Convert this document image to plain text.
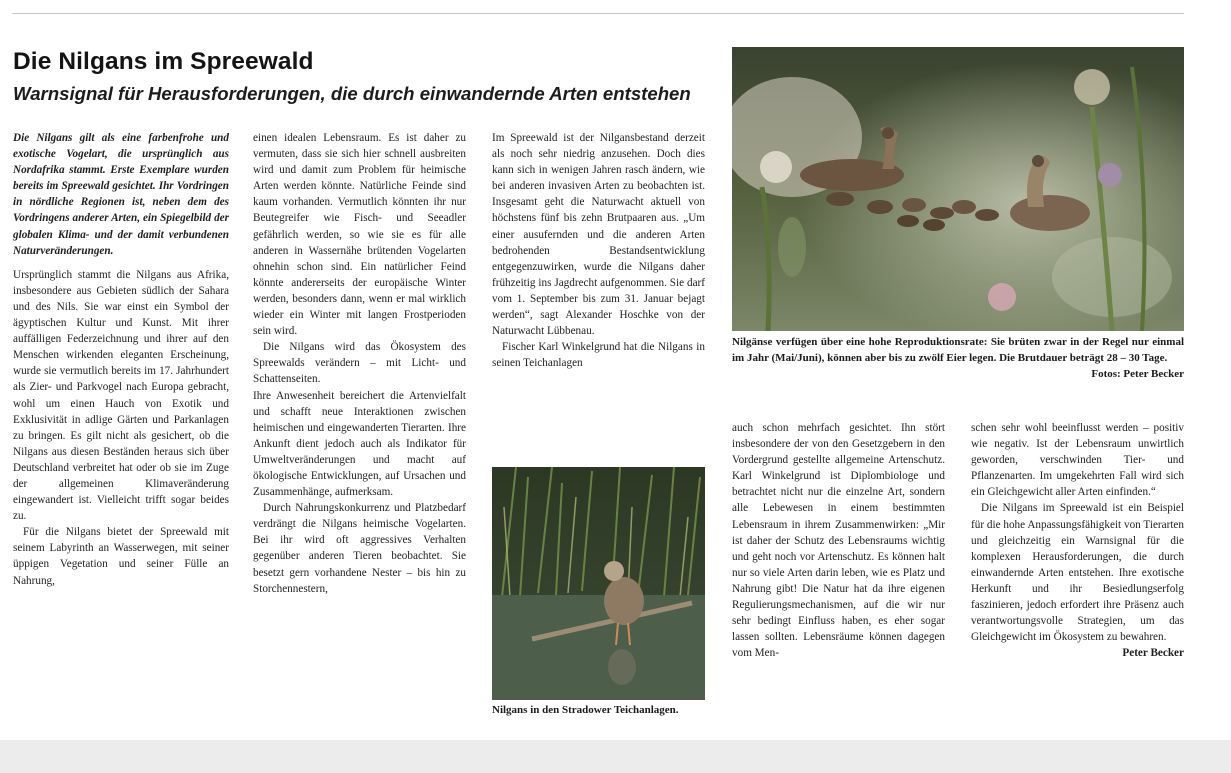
Die Nilgans im Spreewald
Warnsignal für Herausforderungen, die durch einwandernde Arten entstehen

Die Nilgans gilt als eine farbenfrohe und exotische Vogelart, die ursprünglich aus Nordafrika stammt. Erste Exemplare wurden bereits im Spreewald gesichtet. Ihr Vordringen in nördliche Regionen ist, neben dem des Vordringens anderer Arten, ein Spiegelbild der globalen Klima- und der damit verbundenen Naturveränderungen.

Ursprünglich stammt die Nilgans aus Afrika, insbesondere aus Gebieten südlich der Sahara und des Nils. Sie war einst ein Symbol der ägyptischen Kultur und Kunst. Mit ihrer auffälligen Federzeichnung und ihrer auf den Menschen wirkenden eleganten Erscheinung, wurde sie vermutlich bereits im 17. Jahrhundert als Zier- und Parkvogel nach Europa gebracht, wohl um einen Hauch von Exotik und Exklusivität in adlige Gärten und Parkanlagen zu bringen. Es gilt nicht als gesichert, ob die Nilgans aus diesen Beständen heraus sich über Deutschland verbreitet hat oder ob sie im Zuge der allgemeinen Klimaveränderung eingewandert ist. Vielleicht trifft sogar beides zu.

Für die Nilgans bietet der Spreewald mit seinem Labyrinth an Wasserwegen, mit seiner üppigen Vegetation und seiner Fülle an Nahrung,

einen idealen Lebensraum. Es ist daher zu vermuten, dass sie sich hier schnell ausbreiten wird und damit zum Problem für heimische Arten werden könnte. Natürliche Feinde sind kaum vorhanden. Vermutlich könnten ihr nur Beutegreifer wie Fisch- und Seeadler gefährlich werden, so wie sie es für alle anderen in Wassernähe brütenden Vogelarten ohnehin schon sind. Ein natürlicher Feind könnte andererseits der europäische Winter werden, besonders dann, wenn er mal wirklich wieder ein Winter mit langen Frostperioden sein wird.

Die Nilgans wird das Ökosystem des Spreewalds verändern – mit Licht- und Schattenseiten.

Ihre Anwesenheit bereichert die Artenvielfalt und schafft neue Interaktionen zwischen heimischen und eingewanderten Tierarten. Ihre Ankunft dient jedoch auch als Indikator für Umweltveränderungen und macht auf ökologische Entwicklungen, auf Ursachen und Zusammenhänge, aufmerksam.

Durch Nahrungskonkurrenz und Platzbedarf verdrängt die Nilgans heimische Vogelarten. Bei ihr wird oft aggressives Verhalten gegenüber anderen Tieren beobachtet. Sie besetzt gern vorhandene Nester – bis hin zu Storchennestern,

Im Spreewald ist der Nilgansbestand derzeit als noch sehr niedrig anzusehen. Doch dies kann sich in wenigen Jahren rasch ändern, wie bei anderen invasiven Arten zu beobachten ist. Insgesamt geht die Naturwacht aktuell von höchstens fünf bis zehn Brutpaaren aus. „Um einer ausufernden und die anderen Arten bedrohenden Bestandsentwicklung entgegenzuwirken, wurde die Nilgans daher frühzeitig ins Jagdrecht aufgenommen. Sie darf vom 1. September bis zum 31. Januar bejagt werden“, sagt Alexander Hoschke von der Naturwacht Lübbenau.

Fischer Karl Winkelgrund hat die Nilgans in seinen Teichanlagen

Nilgänse verfügen über eine hohe Reproduktionsrate: Sie brüten zwar in der Regel nur einmal im Jahr (Mai/Juni), können aber bis zu zwölf Eier legen. Die Brutdauer beträgt 28 – 30 Tage.
Fotos: Peter Becker
Nilgans in den Stradower Teichanlagen.

auch schon mehrfach gesichtet. Ihn stört insbesondere der von den Gesetzgebern in den Vordergrund gestellte allgemeine Artenschutz. Karl Winkelgrund ist Diplombiologe und betrachtet nicht nur die einzelne Art, sondern alle Lebewesen in einem bestimmten Lebensraum in ihrem Zusammenwirken: „Mir ist daher der Schutz des Lebensraums wichtig und geht noch vor Artenschutz. Es können halt nur so viele Arten darin leben, wie es Platz und Nahrung gibt! Die Natur hat da ihre eigenen Regulierungsmechanismen, auf die wir nur sehr bedingt Einfluss haben, es eher sogar lassen sollten. Lebensräume können dagegen vom Men-

schen sehr wohl beeinflusst werden – positiv wie negativ. Ist der Lebensraum unwirtlich geworden, verschwinden Tier- und Pflanzenarten. Im umgekehrten Fall wird sich ein Gleichgewicht aller Arten einfinden.“

Die Nilgans im Spreewald ist ein Beispiel für die hohe Anpassungsfähigkeit von Tierarten und gleichzeitig ein Warnsignal für die komplexen Herausforderungen, die durch einwandernde Arten entstehen. Ihre exotische Herkunft und ihr Besiedlungserfolg faszinieren, jedoch erfordert ihre Präsenz auch verantwortungsvolle Strategien, um das Gleichgewicht im Ökosystem zu bewahren.
Peter Becker
